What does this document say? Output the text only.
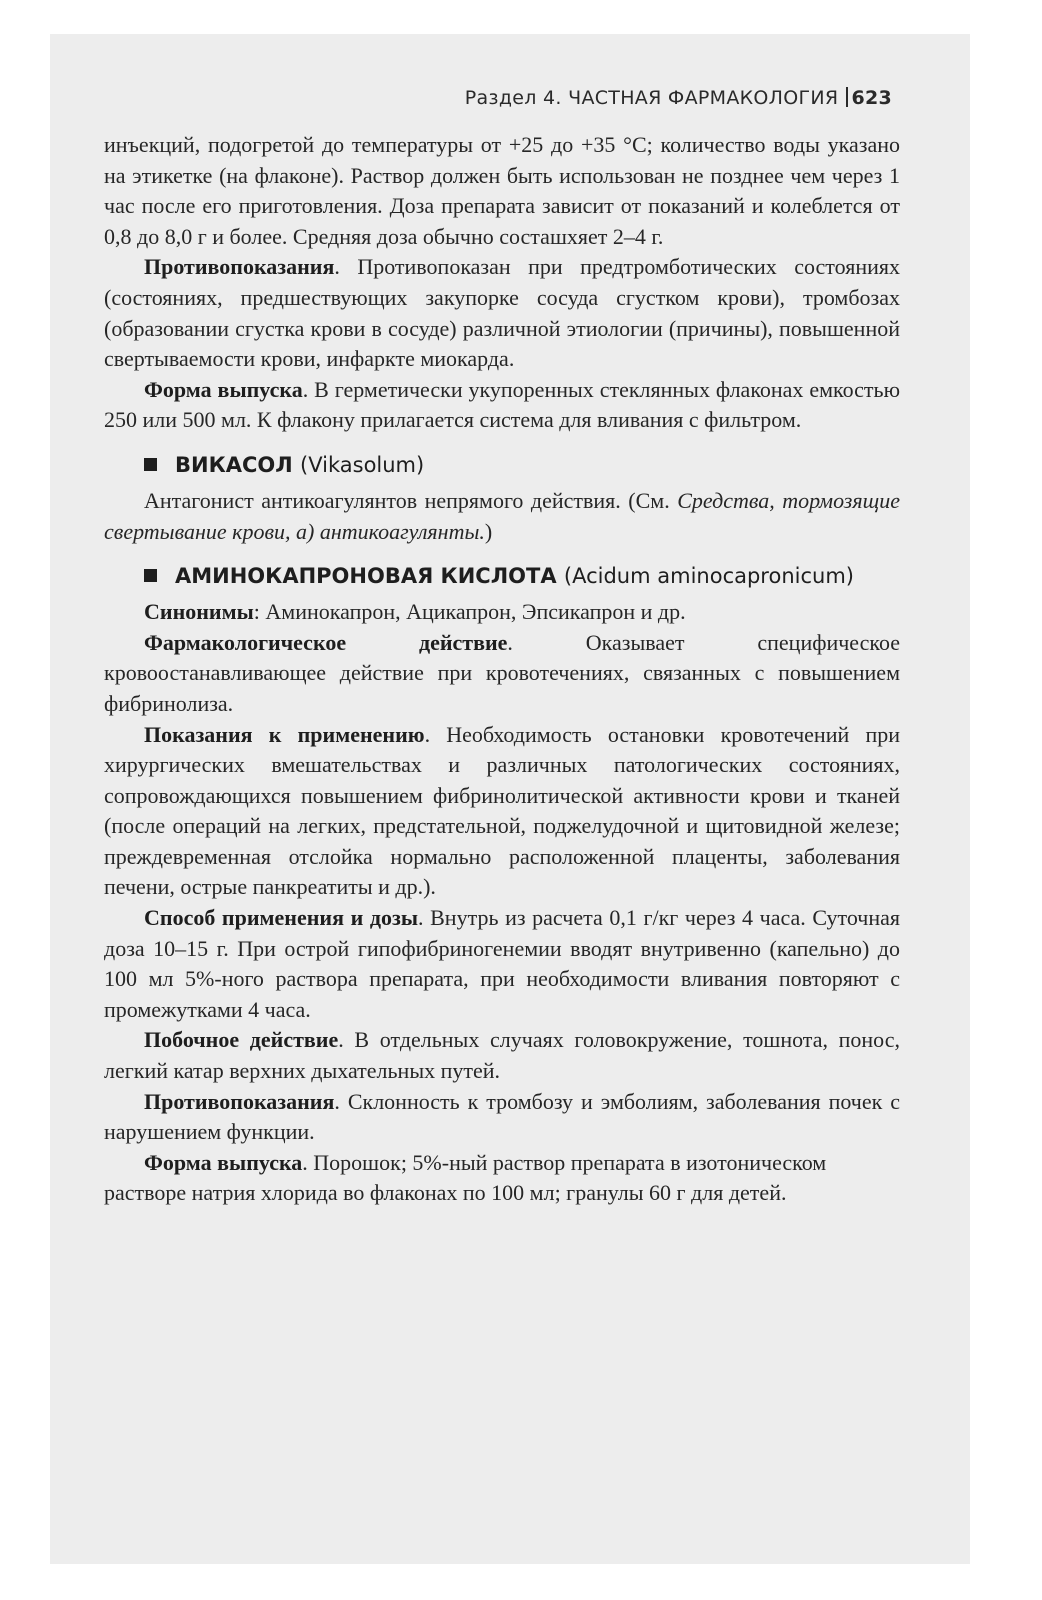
Раздел 4. ЧАСТНАЯ ФАРМАКОЛОГИЯ 623

инъекций, подогретой до температуры от +25 до +35 °С; количество воды указано на этикетке (на флаконе). Раствор должен быть использован не позднее чем через 1 час после его приготовления. Доза препарата зависит от показаний и колеблется от 0,8 до 8,0 г и более. Средняя доза обычно состашхяет 2–4 г.

Противопоказания. Противопоказан при предтромботических состояниях (состояниях, предшествующих закупорке сосуда сгустком крови), тромбозах (образовании сгустка крови в сосуде) различной этиологии (причины), повышенной свертываемости крови, инфаркте миокарда.

Форма выпуска. В герметически укупоренных стеклянных флаконах емкостью 250 или 500 мл. К флакону прилагается система для вливания с фильтром.

ВИКАСОЛ (Vikasolum)

Антагонист антикоагулянтов непрямого действия. (См. Средства, тормозящие свертывание крови, а) антикоагулянты.)

АМИНОКАПРОНОВАЯ КИСЛОТА (Acidum aminocapronicum)

Синонимы: Аминокапрон, Ацикапрон, Эпсикапрон и др.

Фармакологическое действие. Оказывает специфическое кровоостанавливающее действие при кровотечениях, связанных с повышением фибринолиза.

Показания к применению. Необходимость остановки кровотечений при хирургических вмешательствах и различных патологических состояниях, сопровождающихся повышением фибринолитической активности крови и тканей (после операций на легких, предстательной, поджелудочной и щитовидной железе; преждевременная отслойка нормально расположенной плаценты, заболевания печени, острые панкреатиты и др.).

Способ применения и дозы. Внутрь из расчета 0,1 г/кг через 4 часа. Суточная доза 10–15 г. При острой гипофибриногенемии вводят внутривенно (капельно) до 100 мл 5%-ного раствора препарата, при необходимости вливания повторяют с промежутками 4 часа.

Побочное действие. В отдельных случаях головокружение, тошнота, понос, легкий катар верхних дыхательных путей.

Противопоказания. Склонность к тромбозу и эмболиям, заболевания почек с нарушением функции.

Форма выпуска. Порошок; 5%-ный раствор препарата в изотоническом растворе натрия хлорида во флаконах по 100 мл; гранулы 60 г для детей.
